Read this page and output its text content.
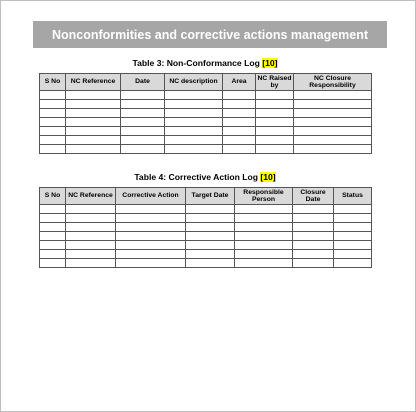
Nonconformities and corrective actions management
Table 3: Non-Conformance Log [10]
S No	NC Reference	Date	NC description	Area	NC Raised by	NC Closure Responsibility

Table 4: Corrective Action Log [10]
S No	NC Reference	Corrective Action	Target Date	Responsible Person	Closure Date	Status
